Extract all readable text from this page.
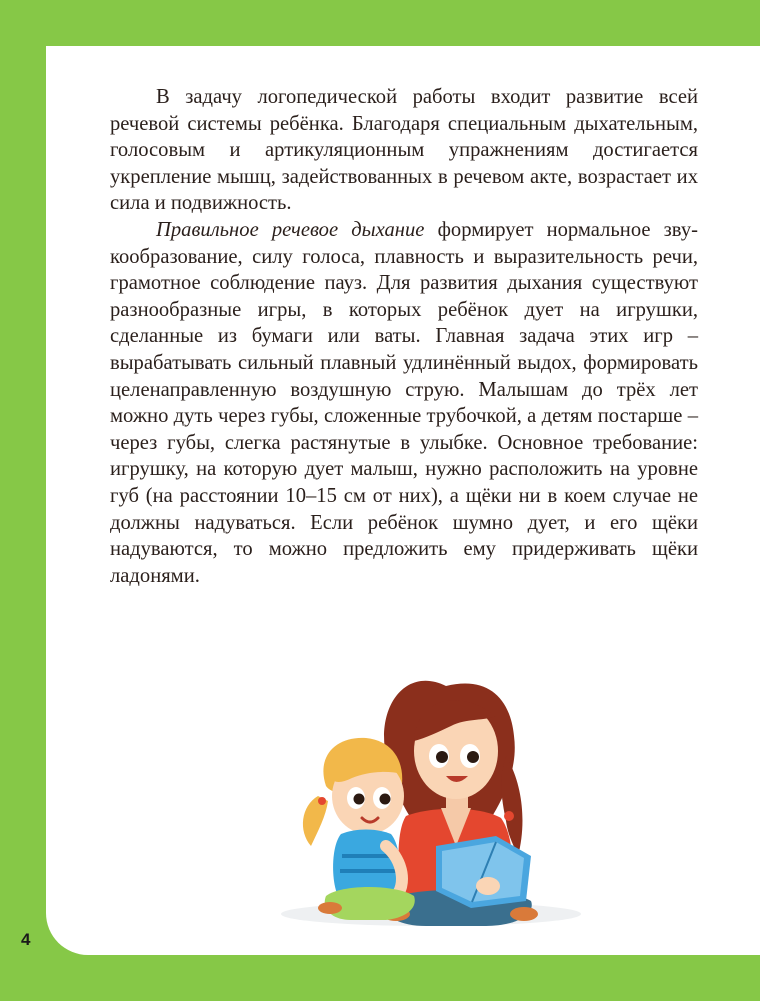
В задачу логопедической работы входит развитие всей речевой системы ребёнка. Благодаря специальным дыхательным, голосовым и артикуляционным упражнениям достигается укрепление мышц, задействованных в речевом акте, возрастает их сила и подвижность.

Правильное речевое дыхание формирует нормальное звукообразование, силу голоса, плавность и выразительность речи, грамотное соблюдение пауз. Для развития дыхания существуют разнообразные игры, в которых ребёнок дует на игрушки, сделанные из бумаги или ваты. Главная задача этих игр – вырабатывать сильный плавный удлинённый выдох, формировать целенаправленную воздушную струю. Малышам до трёх лет можно дуть через губы, сложенные трубочкой, а детям постарше – через губы, слегка растянутые в улыбке. Основное требование: игрушку, на которую дует малыш, нужно расположить на уровне губ (на расстоянии 10–15 см от них), а щёки ни в коем случае не должны надуваться. Если ребёнок шумно дует, и его щёки надуваются, то можно предложить ему придерживать щёки ладонями.

4
